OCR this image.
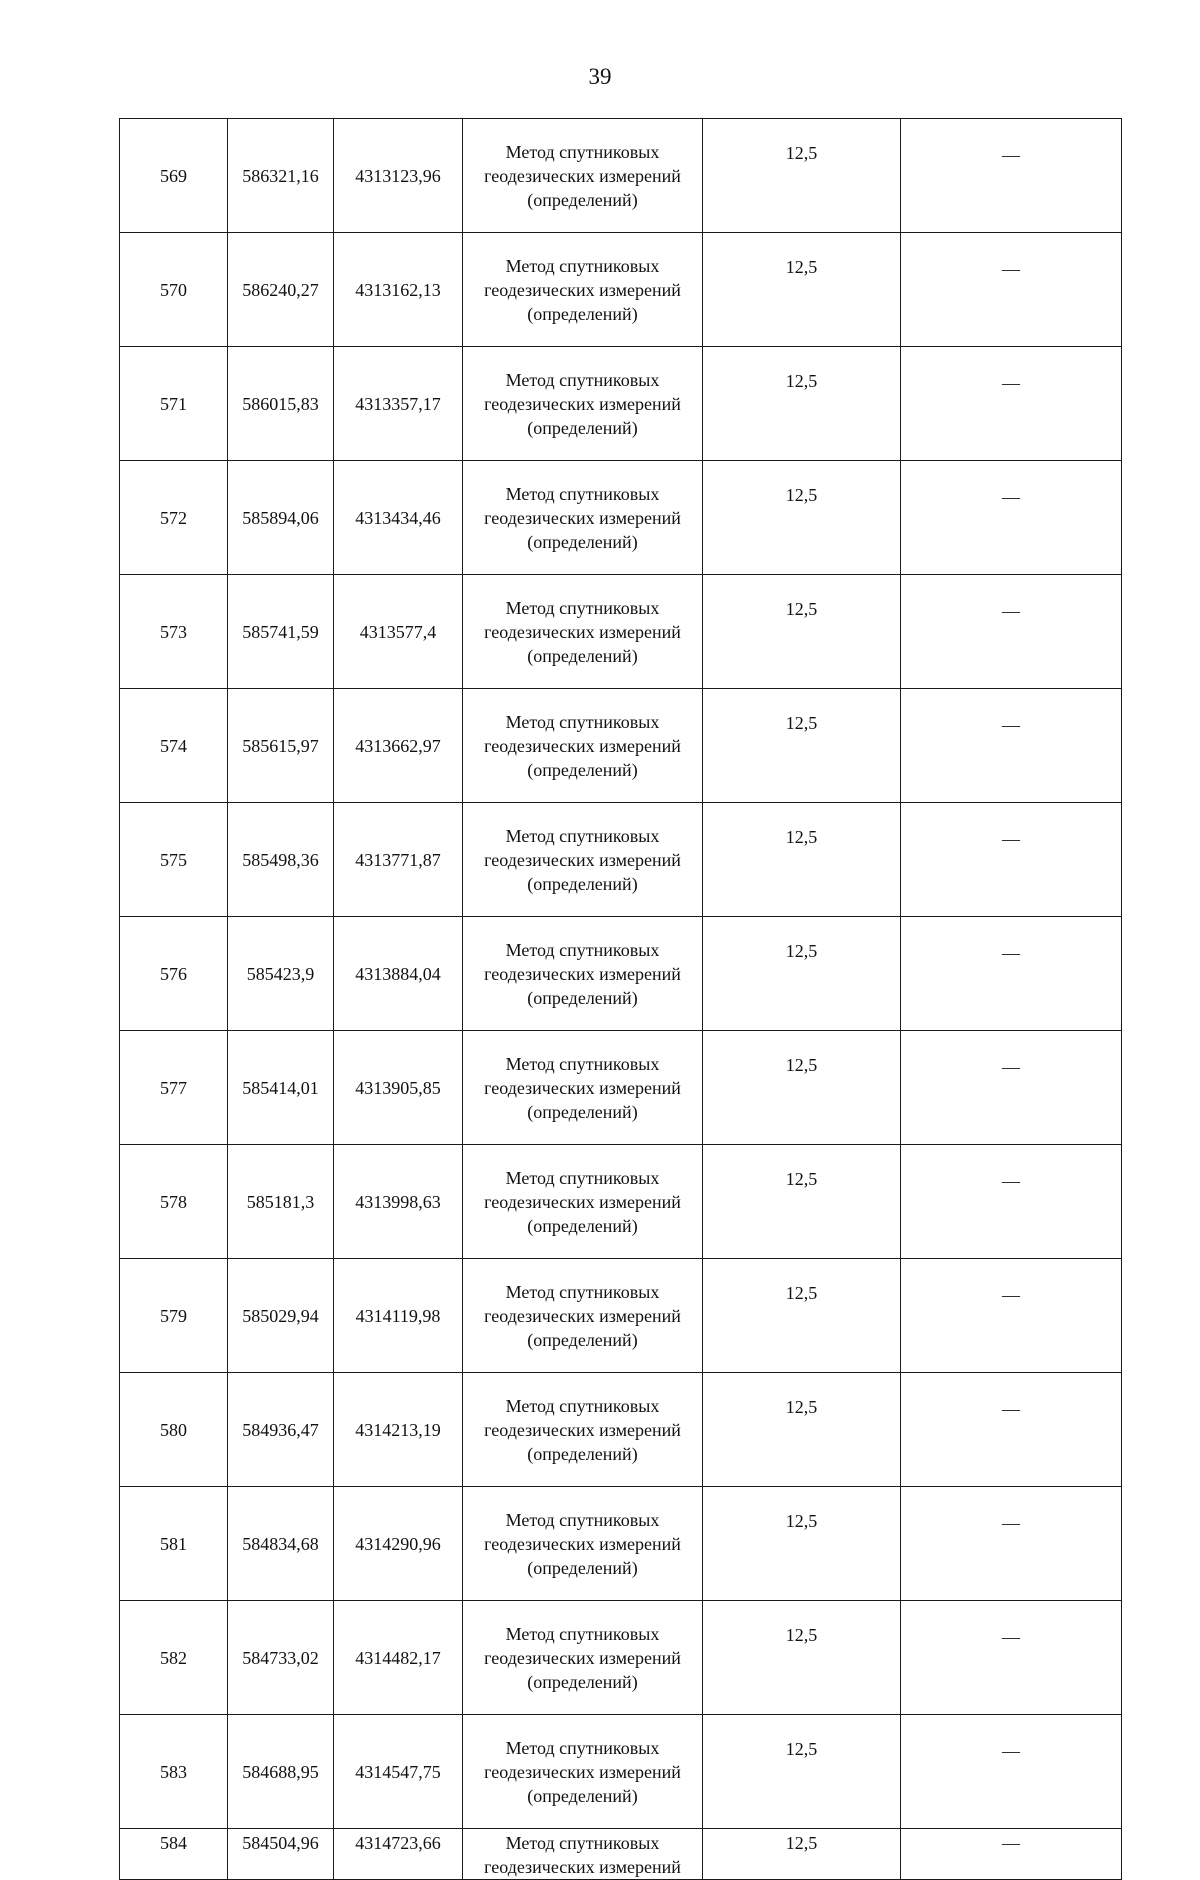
39
569	586321,16	4313123,96	Метод спутниковых
геодезических измерений
(определений)	12,5	—
570	586240,27	4313162,13	Метод спутниковых
геодезических измерений
(определений)	12,5	—
571	586015,83	4313357,17	Метод спутниковых
геодезических измерений
(определений)	12,5	—
572	585894,06	4313434,46	Метод спутниковых
геодезических измерений
(определений)	12,5	—
573	585741,59	4313577,4	Метод спутниковых
геодезических измерений
(определений)	12,5	—
574	585615,97	4313662,97	Метод спутниковых
геодезических измерений
(определений)	12,5	—
575	585498,36	4313771,87	Метод спутниковых
геодезических измерений
(определений)	12,5	—
576	585423,9	4313884,04	Метод спутниковых
геодезических измерений
(определений)	12,5	—
577	585414,01	4313905,85	Метод спутниковых
геодезических измерений
(определений)	12,5	—
578	585181,3	4313998,63	Метод спутниковых
геодезических измерений
(определений)	12,5	—
579	585029,94	4314119,98	Метод спутниковых
геодезических измерений
(определений)	12,5	—
580	584936,47	4314213,19	Метод спутниковых
геодезических измерений
(определений)	12,5	—
581	584834,68	4314290,96	Метод спутниковых
геодезических измерений
(определений)	12,5	—
582	584733,02	4314482,17	Метод спутниковых
геодезических измерений
(определений)	12,5	—
583	584688,95	4314547,75	Метод спутниковых
геодезических измерений
(определений)	12,5	—
584	584504,96	4314723,66	Метод спутниковых
геодезических измерений	12,5	—
